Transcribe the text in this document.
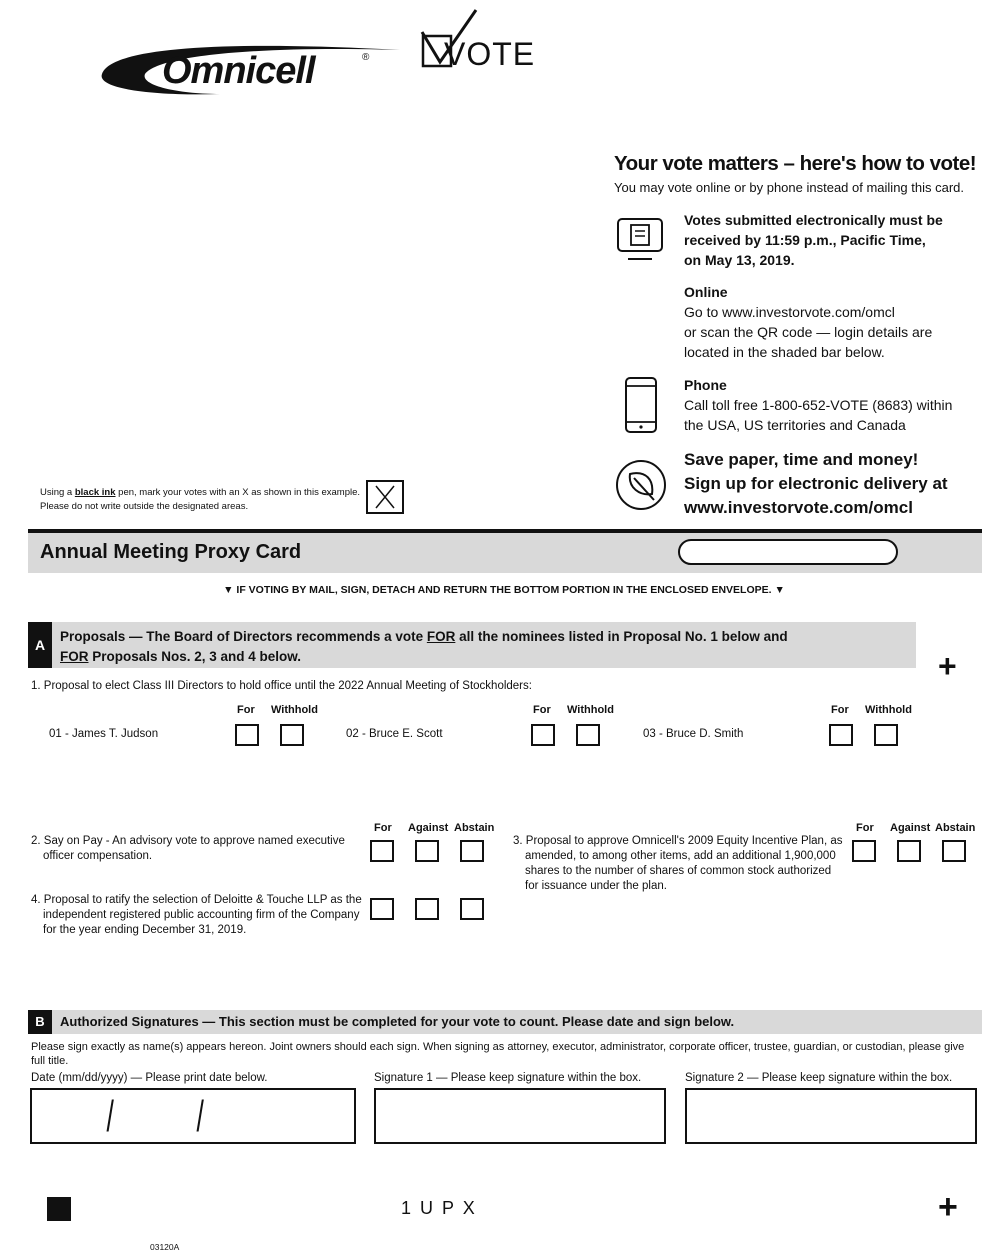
Omnicell	® VOTE
Your vote matters – here's how to vote!
You may vote online or by phone instead of mailing this card.
Votes submitted electronically must be
received by 11:59 p.m., Pacific Time,
on May 13, 2019.
Online
Go to www.investorvote.com/omcl
or scan the QR code — login details are
located in the shaded bar below.
Phone
Call toll free 1-800-652-VOTE (8683) within
the USA, US territories and Canada
Save paper, time and money!
Sign up for electronic delivery at
www.investorvote.com/omcl
Using a black ink pen, mark your votes with an X as shown in this example.
Please do not write outside the designated areas.
Annual Meeting Proxy Card
▼ IF VOTING BY MAIL, SIGN, DETACH AND RETURN THE BOTTOM PORTION IN THE ENCLOSED ENVELOPE. ▼
A
Proposals — The Board of Directors recommends a vote FOR all the nominees listed in Proposal No. 1 below and
FOR Proposals Nos. 2, 3 and 4 below.	+
1. Proposal to elect Class III Directors to hold office until the 2022 Annual Meeting of Stockholders:
For Withhold	For Withhold	For Withhold
01 - James T. Judson	02 - Bruce E. Scott	03 - Bruce D. Smith
For Against Abstain
2. Say on Pay - An advisory vote to approve named executive
officer compensation.
For Against Abstain
3. Proposal to approve Omnicell's 2009 Equity Incentive Plan, as
amended, to among other items, add an additional 1,900,000
shares to the number of shares of common stock authorized
for issuance under the plan.
4. Proposal to ratify the selection of Deloitte & Touche LLP as the
independent registered public accounting firm of the Company
for the year ending December 31, 2019.
B	Authorized Signatures — This section must be completed for your vote to count. Please date and sign below.
Please sign exactly as name(s) appears hereon. Joint owners should each sign. When signing as attorney, executor, administrator, corporate officer, trustee, guardian, or custodian, please give full title.
Date (mm/dd/yyyy) — Please print date below.	Signature 1 — Please keep signature within the box.	Signature 2 — Please keep signature within the box.
/ /
1 U P X	+
03120A
